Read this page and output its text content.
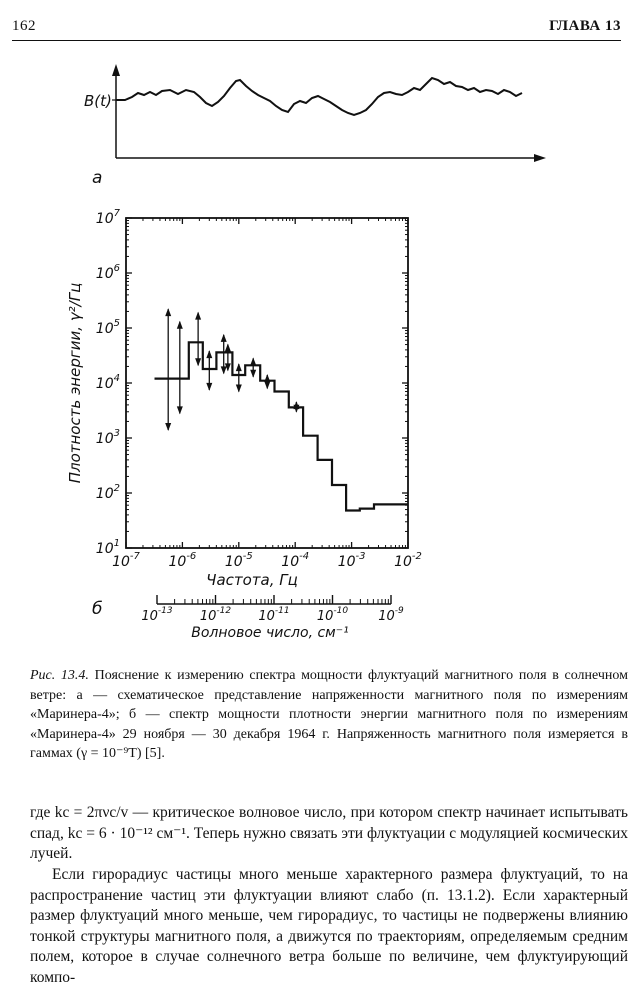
162	ГЛАВА 13
B(t)
a
$10^7$
$10^6$
$10^5$
$10^4$
$10^3$
$10^2$
$10^1$
$10^{-7}$ $10^{-6}$ $10^{-5}$ $10^{-4}$ $10^{-3}$ $10^{-2}$
Плотность энергии, γ²/Гц
Частота, Гц
$10^{-13}$ $10^{-12}$ $10^{-11}$ $10^{-10}$ $10^{-9}$
б
Волновое число, см⁻¹
Рис. 13.4. Пояснение к измерению спектра мощности флуктуаций магнитного поля в солнечном ветре: а — схематическое представление напряженности магнитного поля по измерениям «Маринера-4»; б — спектр мощности плотности энергии магнитного поля по измерениям «Маринера-4» 29 ноября — 30 декабря 1964 г. Напряженность магнитного поля измеряется в гаммах (γ = 10⁻⁹T) [5].
где kс = 2πνс/v — критическое волновое число, при котором спектр начинает испытывать спад, kс = 6 · 10⁻¹² см⁻¹. Теперь нужно связать эти флуктуации с модуляцией космических лучей.
Если гирорадиус частицы много меньше характерного размера флуктуаций, то на распространение частиц эти флуктуации влияют слабо (п. 13.1.2). Если характерный размер флуктуаций много меньше, чем гирорадиус, то частицы не подвержены влиянию тонкой структуры магнитного поля, а движутся по траекториям, определяемым средним полем, которое в случае солнечного ветра больше по величине, чем флуктуирующий компо-
